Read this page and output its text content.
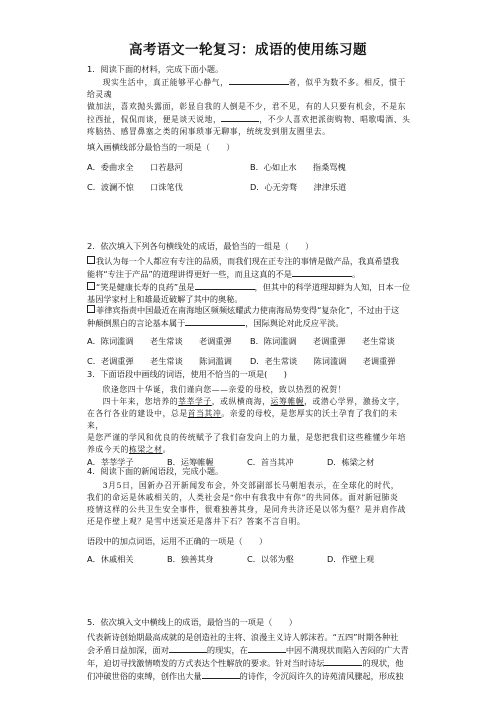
高考语文一轮复习：成语的使用练习题

1．阅读下面的材料，完成下面小题。

现实生活中，真正能够平心静气，	者，似乎为数不多。相反，惯于给灵魂

做加法，喜欢抛头露面，彰显自我的人倒是不少，君不见，有的人只要有机会，不是东

拉西扯，侃侃而谈，便是谈天说地，	，不少人喜欢把派街购物、唱歌喝酒、头

疼脑热、感冒鼻塞之类的闲事琐事无聊事，统统发到朋友圈里去。

填入画横线部分最恰当的一项是（　　）

A．委曲求全　　口若悬河	B．心如止水　　指桑骂槐
C．波澜不惊　　口诛笔伐	D．心无旁骛　　津津乐道

2．依次填入下列各句横线处的成语，最恰当的一组是（　　）

我认为每一个人都应有专注的品质，而我们现在正专注的事情是做产品，我真希望我

能将“专注于产品”的道理讲得更好一些，而且这真的不是	。

“笑是健康长寿的良药”虽是	，但其中的科学道理却鲜为人知，日本一位

基因学家村上和雄最近破解了其中的奥秘。

菲律宾指责中国最近在南海地区频频炫耀武力使南海局势变得“复杂化”，不过由于这

种颠倒黑白的言论基本属于	，国际舆论对此反应平淡。

A．陈词滥调　　老生常谈　　老调重弹	B．陈词滥调　　老调重弹　　老生常谈
C．老调重弹　　老生常谈　　陈词滥调	D．老生常谈　　陈词滥调　　老调重弹

3．下面语段中画线的词语，使用不恰当的一项是(　　)

欣逢您四十华诞，我们谨向您——亲爱的母校，致以热烈的祝贺！

四十年来，您培养的莘莘学子，或纵横商海，运筹帷幄，或潜心学界，激扬文字，

在各行各业的建设中，总是首当其冲。亲爱的母校，是您厚实的沃土孕育了我们的未来，

是您严谨的学风和优良的传统赋予了我们奋发向上的力量，是您把我们这些稚懂少年培

养成今天的栋梁之材。

A．莘莘学子	B．运筹帷幄	C．首当其冲	D．栋梁之材

4．阅读下面的新闻语段，完成小题。

3月5日，国新办召开新闻发布会，外交部副部长马朝旭表示，在全球化的时代，

我们的命运是休戚相关的，人类社会是“你中有我我中有你”的共同体。面对新冠肺炎

疫情这样的公共卫生安全事件，很难独善其身，是同舟共济还是以邻为壑？是并肩作战

还是作壁上观？是雪中送炭还是落井下石？答案不言自明。

语段中的加点词语，运用不正确的一项是（　　）

A．休戚相关	B．独善其身	C．以邻为壑	D．作壁上观

5．依次填入文中横线上的成语，最恰当的一项是（　　）

代表新诗创始期最高成就的是创造社的主将、浪漫主义诗人郭沫若。“五四”时期各种社

会矛盾日益加深，面对	的现实，在	中因不满现状而陷入苦闷的广大青

年，迫切寻找激情喷发的方式表达个性解放的要求。针对当时诗坛	的现状，他

们冲破世俗的束缚，创作出大量	的诗作，令沉闷许久的诗苑清风骤起，形成独
